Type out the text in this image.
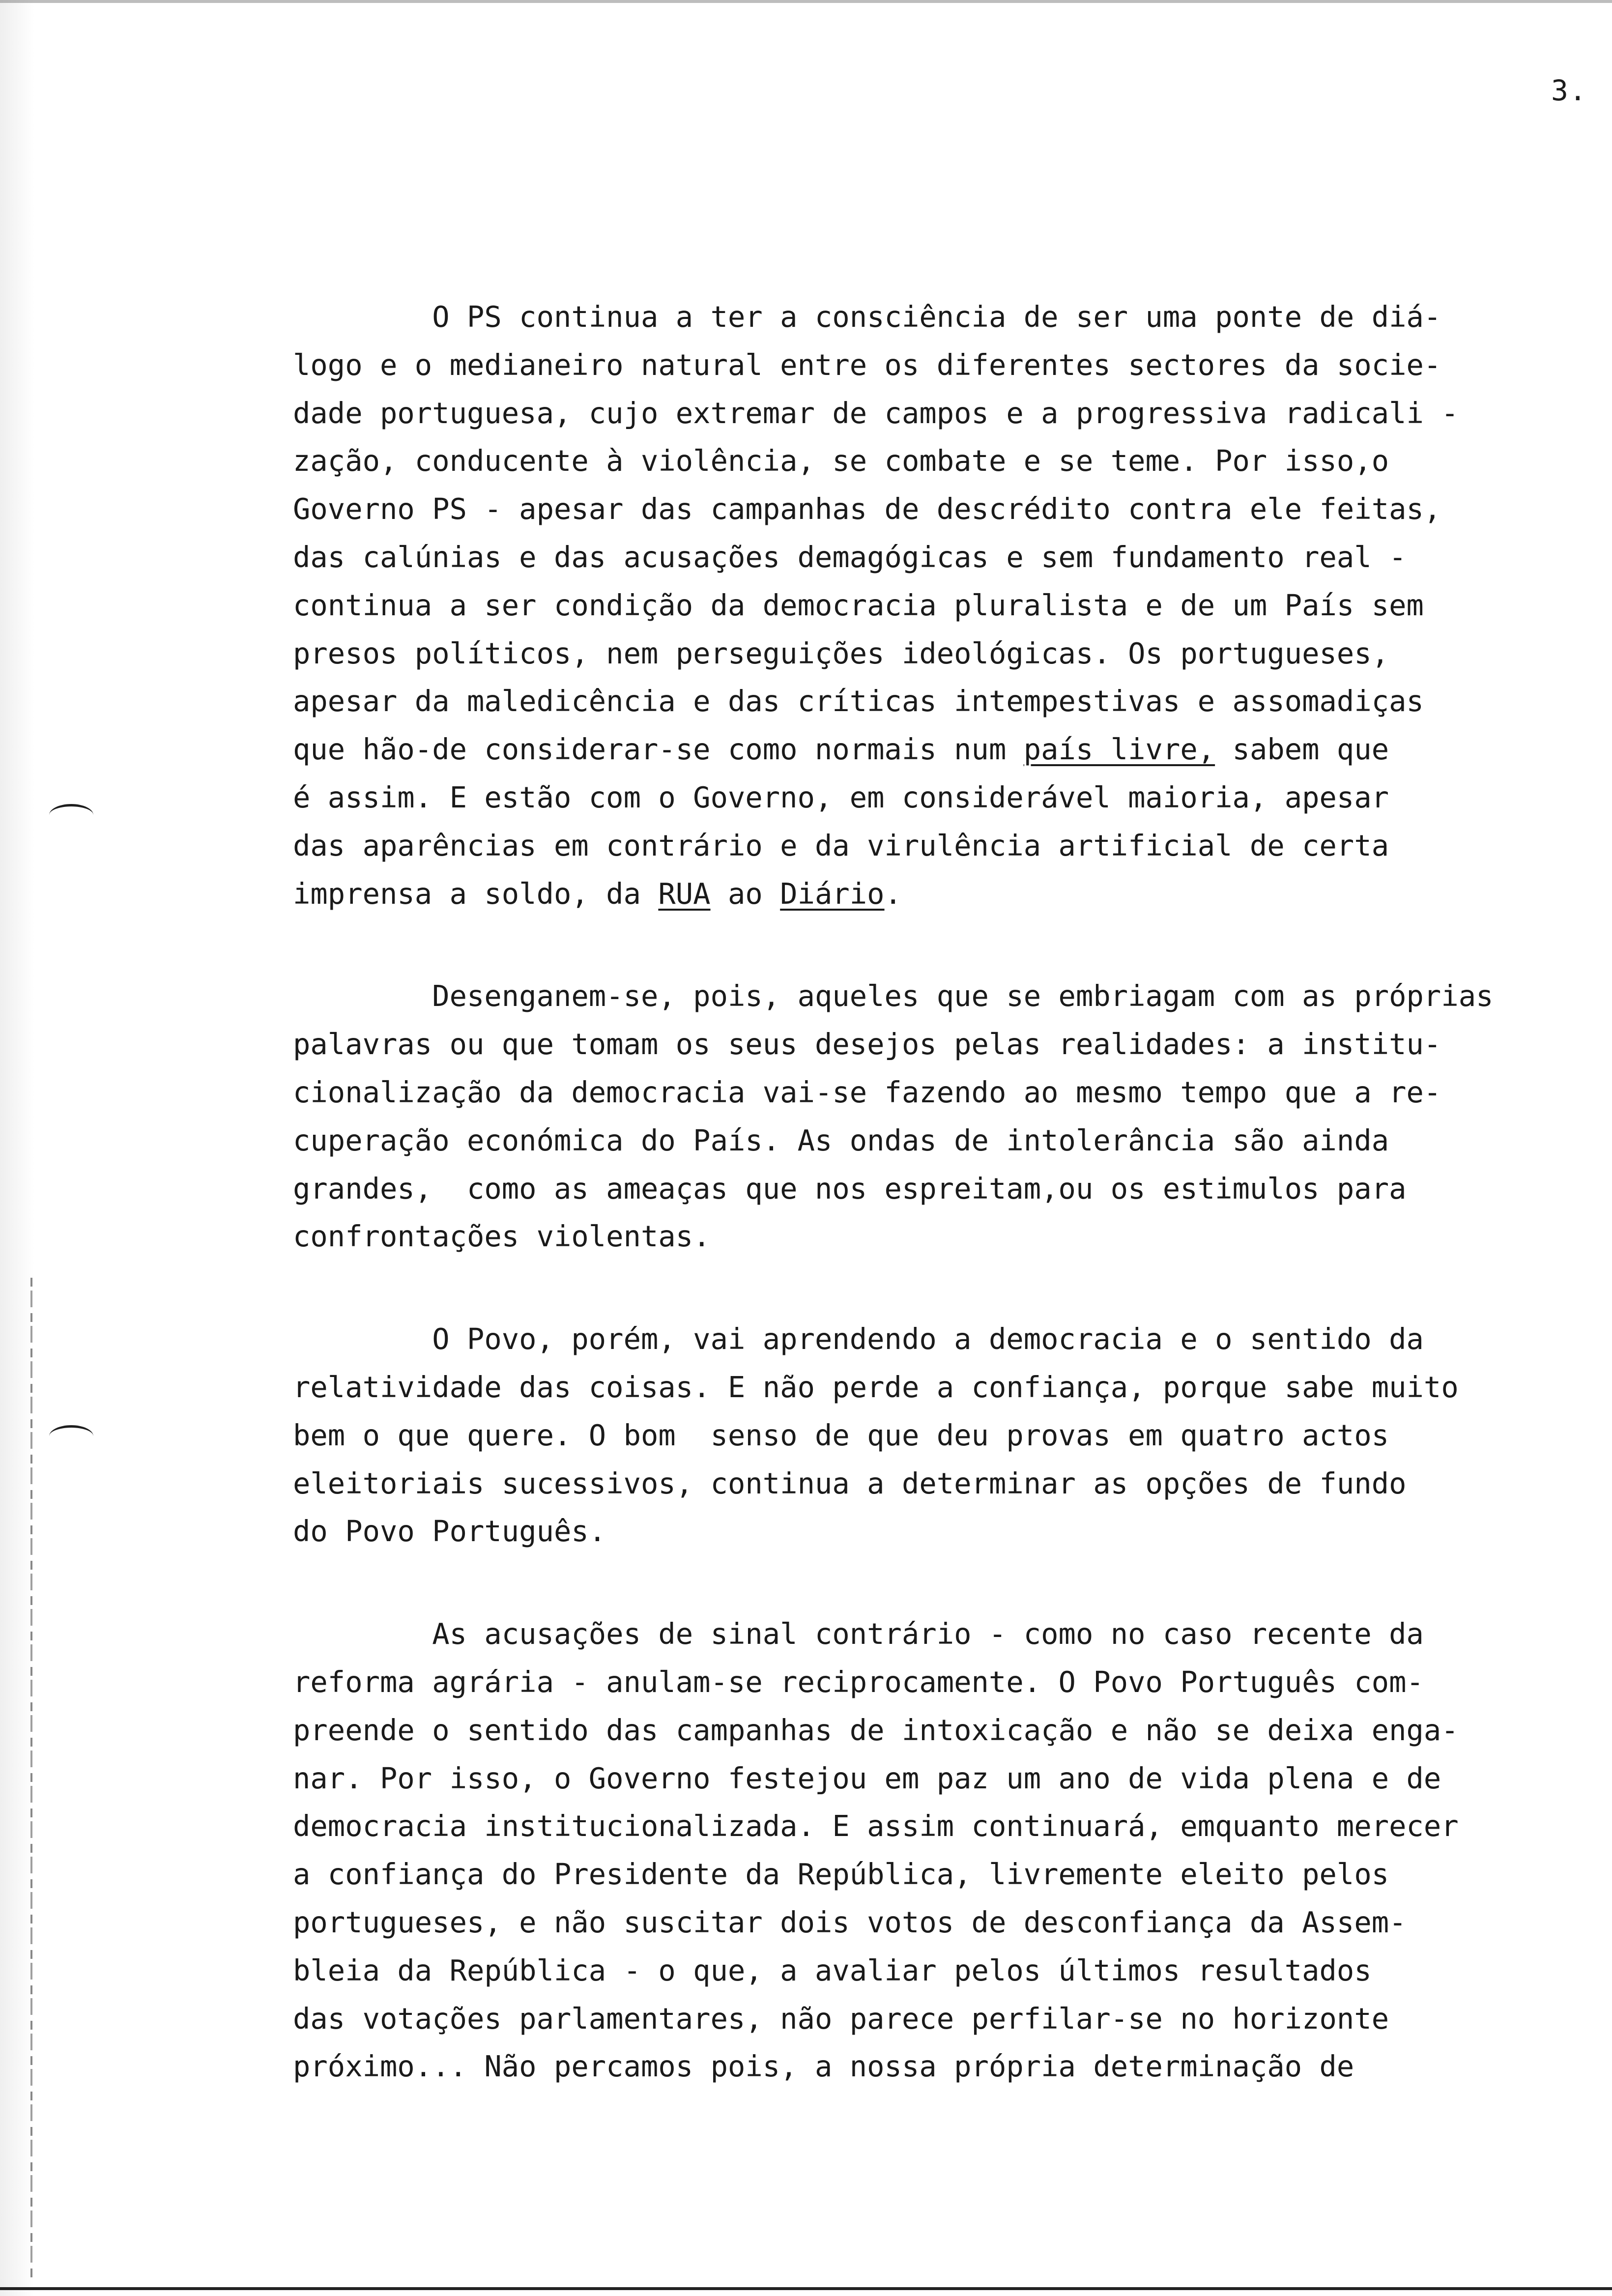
3.
O PS continua a ter a consciência de ser uma ponte de diá-
logo e o medianeiro natural entre os diferentes sectores da socie-
dade portuguesa, cujo extremar de campos e a progressiva radicali -
zação, conducente à violência, se combate e se teme. Por isso,o
Governo PS - apesar das campanhas de descrédito contra ele feitas,
das calúnias e das acusações demagógicas e sem fundamento real -
continua a ser condição da democracia pluralista e de um País sem
presos políticos, nem perseguições ideológicas. Os portugueses,
apesar da maledicência e das críticas intempestivas e assomadiças
que hão-de considerar-se como normais num país livre, sabem que
é assim. E estão com o Governo, em considerável maioria, apesar
das aparências em contrário e da virulência artificial de certa
imprensa a soldo, da RUA ao Diário.
Desenganem-se, pois, aqueles que se embriagam com as próprias
palavras ou que tomam os seus desejos pelas realidades: a institu-
cionalização da democracia vai-se fazendo ao mesmo tempo que a re-
cuperação económica do País. As ondas de intolerância são ainda
grandes,  como as ameaças que nos espreitam,ou os estimulos para
confrontações violentas.
O Povo, porém, vai aprendendo a democracia e o sentido da
relatividade das coisas. E não perde a confiança, porque sabe muito
bem o que quere. O bom  senso de que deu provas em quatro actos
eleitoriais sucessivos, continua a determinar as opções de fundo
do Povo Português.
As acusações de sinal contrário - como no caso recente da
reforma agrária - anulam-se reciprocamente. O Povo Português com-
preende o sentido das campanhas de intoxicação e não se deixa enga-
nar. Por isso, o Governo festejou em paz um ano de vida plena e de
democracia institucionalizada. E assim continuará, emquanto merecer
a confiança do Presidente da República, livremente eleito pelos
portugueses, e não suscitar dois votos de desconfiança da Assem-
bleia da República - o que, a avaliar pelos últimos resultados
das votações parlamentares, não parece perfilar-se no horizonte
próximo... Não percamos pois, a nossa própria determinação de
